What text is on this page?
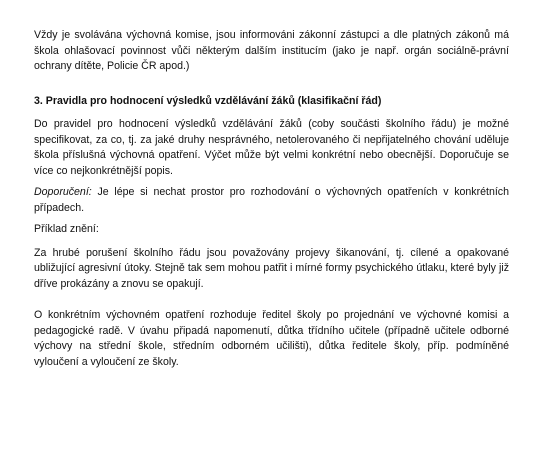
Vždy je svolávána výchovná komise, jsou informováni zákonní zástupci a dle platných zákonů má škola ohlašovací povinnost vůči některým dalším institucím (jako je např. orgán sociálně-právní ochrany dítěte, Policie ČR apod.)

3. Pravidla pro hodnocení výsledků vzdělávání žáků (klasifikační řád)

Do pravidel pro hodnocení výsledků vzdělávání žáků (coby součásti školního řádu) je možné specifikovat, za co, tj. za jaké druhy nesprávného, netolerovaného či nepřijatelného chování uděluje škola příslušná výchovná opatření. Výčet může být velmi konkrétní nebo obecnější. Doporučuje se více co nejkonkrétnější popis.

Doporučení: Je lépe si nechat prostor pro rozhodování o výchovných opatřeních v konkrétních případech.

Příklad znění:

Za hrubé porušení školního řádu jsou považovány projevy šikanování, tj. cílené a opakované ubližující agresivní útoky. Stejně tak sem mohou patřit i mírné formy psychického útlaku, které byly již dříve prokázány a znovu se opakují.

O konkrétním výchovném opatření rozhoduje ředitel školy po projednání ve výchovné komisi a pedagogické radě. V úvahu připadá napomenutí, důtka třídního učitele (případně učitele odborné výchovy na střední škole, středním odborném učilišti), důtka ředitele školy, příp. podmíněné vyloučení a vyloučení ze školy.
